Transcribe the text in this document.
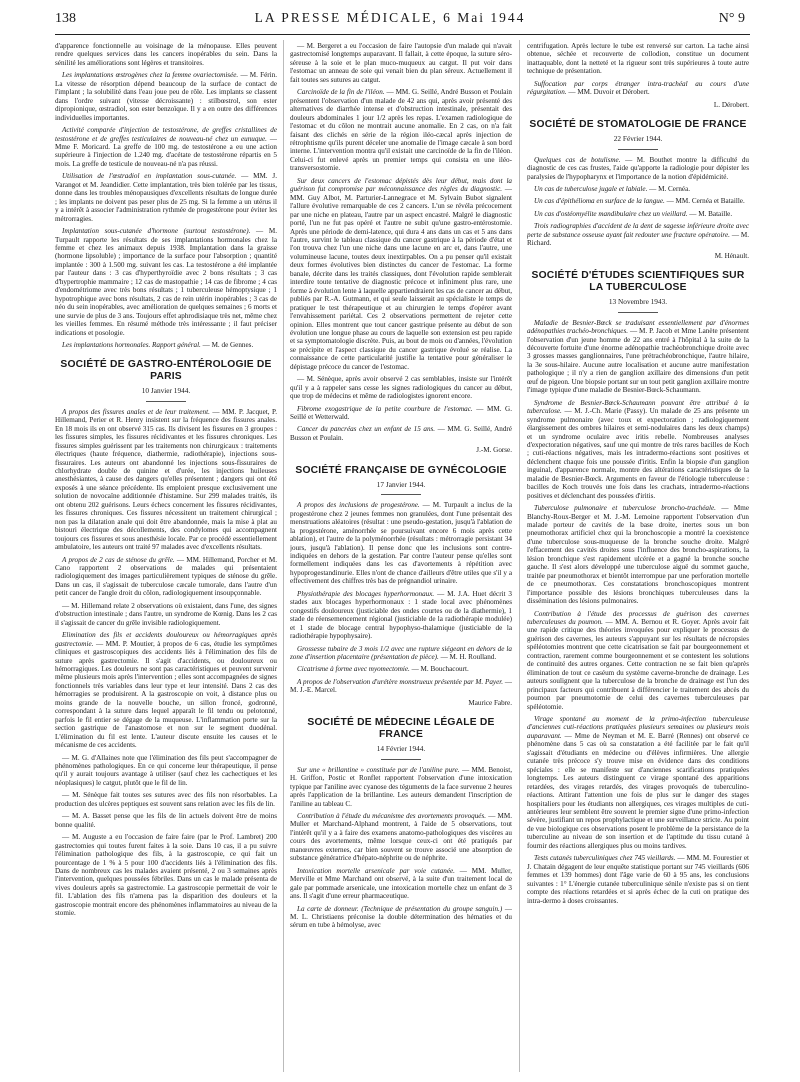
138	LA PRESSE MÉDICALE, 6 Mai 1944	N° 9

d'apparence fonctionnelle au voisinage de la ménopause. Elles peuvent rendre quelques services dans les cancers inopérables du sein. Dans la sénilité les améliorations sont légères et transitoires.

Les implantations œstrogènes chez la femme ovariectomisée. — M. Férin. La vitesse de résorption dépend beaucoup de la surface de contact de l'implant ; la solubilité dans l'eau joue peu de rôle. Les implants se classent dans l'ordre suivant (vitesse décroissante) : stilbœstrol, son ester dipropionique, œstradiol, son ester benzoïque. Il y a en outre des différences individuelles importantes.

Activité comparée d'injection de testostérone, de greffes cristallines de testostérone et de greffes testiculaires de nouveau-né chez un eunuque. — Mme F. Moricard. La greffe de 100 mg. de testostérone a eu une action supérieure à l'injection de 1.240 mg. d'acétate de testostérone répartis en 5 mois. La greffe de testicule de nouveau-né n'a pas réussi.

Utilisation de l'œstradiol en implantation sous-cutanée. — MM. J. Varangot et M. Jeandidier. Cette implantation, très bien tolérée par les tissus, donne dans les troubles ménopausiques d'excellents résultats de longue durée ; les implants ne doivent pas peser plus de 25 mg. Si la femme a un utérus il y a intérêt à associer l'administration rythmée de progestérone pour éviter les métrorragies.

Implantation sous-cutanée d'hormone (surtout testostérone). — M. Turpault rapporte les résultats de ses implantations hormonales chez la femme et chez les animaux depuis 1938. Implantation dans la graisse (hormone lipsoluble) ; importance de la surface pour l'absorption ; quantité implantée : 300 à 1.500 mg. suivant les cas. La testostérone a été implantée par l'auteur dans : 3 cas d'hyperthyroïdie avec 2 bons résultats ; 3 cas d'hypertrophie mammaire ; 12 cas de mastopathie ; 14 cas de fibrome ; 4 cas d'endométriome avec très bons résultats ; 1 tuberculeuse hémoptysique ; 1 hypotrophique avec bons résultats, 2 cas de rein utérin inopérables ; 3 cas de néo du sein inopérables, avec amélioration de quelques semaines ; 6 morts et une survie de plus de 3 ans. Toujours effet aphrodisiaque très net, même chez les vieilles femmes. En résumé méthode très intéressante ; il faut préciser indications et posologie.

Les implantations hormonales. Rapport général. — M. de Gennes.

SOCIÉTÉ DE GASTRO-ENTÉROLOGIE DE PARIS
10 Janvier 1944.

A propos des fissures anales et de leur traitement. — MM. P. Jacquet, P. Hillemand, Perier et R. Henry insistent sur la fréquence des fissures anales. En 18 mois ils en ont observé 315 cas. Ils divisent les fissures en 3 groupes : les fissures simples, les fissures récidivantes et les fissures chroniques. Les fissures simples guérissent par les traitements non chirurgicaux : traitements électriques (haute fréquence, diathermie, radiothérapie), injections sous-fissuraires. Les auteurs ont abandonné les injections sous-fissuraires de chlorhydrate double de quinine et d'urée, les injections huileuses anesthésiantes, à cause des dangers qu'elles présentent ; dangers qui ont été exposés à une séance précédente. Ils emploient presque exclusivement une solution de novocaïne additionnée d'histamine. Sur 299 malades traités, ils ont obtenu 202 guérisons. Leurs échecs concernent les fissures récidivantes, les fissures chroniques. Ces fissures nécessitent un traitement chirurgical ; non pas la dilatation anale qui doit être abandonnée, mais la mise à plat au bistouri électrique des décollements, des condylomes qui accompagnent toujours ces fissures et sous anesthésie locale. Par ce procédé essentiellement ambulatoire, les auteurs ont traité 97 malades avec d'excellents résultats.

A propos de 2 cas de sténose du grêle. — MM. Hillemand, Porcher et M. Cano rapportent 2 observations de malades qui présentaient radiologiquement des images particulièrement typiques de sténose du grêle. Dans un cas, il s'agissait de tuberculose cæcale tumorale, dans l'autre d'un petit cancer de l'angle droit du côlon, radiologiquement insoupçonnable.

— M. Hillemand relate 2 observations où existaient, dans l'une, des signes d'obstruction intestinale ; dans l'autre, un syndrome de Kœnig. Dans les 2 cas il s'agissait de cancer du grêle invisible radiologiquement.

Elimination des fils et accidents douloureux ou hémorragiques après gastrectomie. — MM. P. Moutier, à propos de 6 cas, étudie les symptômes cliniques et gastroscopiques des accidents liés à l'élimination des fils de suture après gastrectomie. Il s'agit d'accidents, ou douloureux ou hémorragiques. Les douleurs ne sont pas caractéristiques et peuvent survenir même plusieurs mois après l'intervention ; elles sont accompagnées de signes fonctionnels très variables dans leur type et leur intensité. Dans 2 cas des hémorragies se produisirent. A la gastroscopie on voit, à distance plus ou moins grande de la nouvelle bouche, un sillon froncé, godronné, correspondant à la suture dans lequel apparaît le fil tendu ou pelotonné, parfois le fil entier se dégage de la muqueuse. L'inflammation porte sur la section gastrique de l'anastomose et non sur le segment duodénal. L'élimination du fil est lente. L'auteur discute ensuite les causes et le mécanisme de ces accidents.

— M. G. d'Allaines note que l'élimination des fils peut s'accompagner de phénomènes pathologiques. En ce qui concerne leur thérapeutique, il pense qu'il y aurait toujours avantage à utiliser (sauf chez les cachectiques et les néoplasiques) le catgut, plutôt que le fil de lin.

— M. Sénèque fait toutes ses sutures avec des fils non résorbables. La production des ulcères peptiques est souvent sans relation avec les fils de lin.

— M. A. Basset pense que les fils de lin actuels doivent être de moins bonne qualité.

— M. Auguste a eu l'occasion de faire faire (par le Prof. Lambret) 200 gastrectomies qui toutes furent faites à la soie. Dans 10 cas, il a pu suivre l'élimination pathologique des fils, à la gastroscopie, ce qui fait un pourcentage de 1 % à 5 pour 100 d'accidents liés à l'élimination des fils. Dans de nombreux cas les malades avaient présenté, 2 ou 3 semaines après l'intervention, quelques poussées fébriles. Dans un cas le malade présenta de vives douleurs après sa gastrectomie. La gastroscopie permettait de voir le fil. L'ablation des fils n'amena pas la disparition des douleurs et la gastroscopie montrait encore des phénomènes inflammatoires au niveau de la stomie.

— M. Bergeret a eu l'occasion de faire l'autopsie d'un malade qui n'avait gastrectomisé longtemps auparavant. Il fallait, à cette époque, la suture séro-séreuse à la soie et le plan muco-muqueux au catgut. Il put voir dans l'estomac un anneau de soie qui venait bien du plan séreux. Actuellement il fait toutes ses sutures au catgut.

Carcinoïde de la fin de l'iléon. — MM. G. Seillé, André Busson et Poulain présentent l'observation d'un malade de 42 ans qui, après avoir présenté des alternatives de diarrhée intense et d'obstruction intestinale, présentait des douleurs abdominales 1 jour 1/2 après les repas. L'examen radiologique de l'estomac et du côlon ne montrait aucune anomalie. En 2 cas, on n'a fait faisant des clichés en série de la région iléo-cæcal après injection de rétrophtisme qu'ils purent déceler une anomalie de l'image cæcale à son bord interne. L'intervention montra qu'il existait une carcinoïde de la fin de l'iléon. Celui-ci fut enlevé après un premier temps qui consista en une iléo-transversostomie.

Sur deux cancers de l'estomac dépistés dès leur début, mais dont la guérison fut compromise par méconnaissance des règles du diagnostic. — MM. Guy Albot, M. Parturier-Lannegrace et M. Sylvain Bubot signalent l'allure évolutive remarquable de ces 2 cancers. L'un se révéla précocement par une niche en plateau, l'autre par un aspect encastré. Malgré le diagnostic porté, l'un ne fut pas opéré et l'autre ne subit qu'une gastro-entérostomie. Après une période de demi-latence, qui dura 4 ans dans un cas et 5 ans dans l'autre, survint le tableau classique du cancer gastrique à la période d'état et l'on trouva chez l'un une niche dans une lacune en arc et, dans l'autre, une volumineuse lacune, toutes deux inextirpables. On a pu penser qu'il existait deux formes évolutives bien distinctes du cancer de l'estomac. La forme banale, décrite dans les traités classiques, dont l'évolution rapide semblerait interdire toute tentative de diagnostic précoce et infiniment plus rare, une forme à évolution lente à laquelle appartiendraient les cas de cancer au début, publiés par R.-A. Gutmann, et qui seule laisserait au spécialiste le temps de pratiquer le test thérapeutique et au chirurgien le temps d'opérer avant l'envahissement pariétal. Ces 2 observations permettent de rejeter cette opinion. Elles montrent que tout cancer gastrique présente au début de son évolution une longue phase au cours de laquelle son extension est peu rapide et sa symptomatologie discrète. Puis, au bout de mois ou d'années, l'évolution se précipite et l'aspect classique du cancer gastrique évolué se réalise. La connaissance de cette particularité justifie la tentative pour généraliser le dépistage précoce du cancer de l'estomac.

— M. Sénèque, après avoir observé 2 cas semblables, insiste sur l'intérêt qu'il y a à rappeler sans cesse les signes radiologiques du cancer au début, que trop de médecins et même de radiologistes ignorent encore.

Fibrome exogastrique de la petite courbure de l'estomac. — MM. G. Seillé et Wetterwald.

Cancer du pancréas chez un enfant de 15 ans. — MM. G. Seillé, André Busson et Poulain.

J.-M. Gorse.

SOCIÉTÉ FRANÇAISE DE GYNÉCOLOGIE
17 Janvier 1944.

A propos des inclusions de progestérone. — M. Turpault a inclus de la progestérone chez 2 jeunes femmes non granulées, dont l'une présentait des menstruations aléatoires (résultat : une pseudo-gestation, jusqu'à l'ablation de la progestérone, aménorrhée se poursuivant encore 6 mois après cette ablation), et l'autre de la polyménorrhée (résultats : métrorragie persistant 34 jours, jusqu'à l'ablation). Il pense donc que les inclusions sont contre-indiquées en dehors de la gestation. Par contre l'auteur pense qu'elles sont formellement indiquées dans les cas d'avortements à répétition avec hypoprogestandinurie. Elles n'ont de chance d'ailleurs d'être utiles que s'il y a effectivement des chiffres très bas de prégnandiol urinaire.

Physiothérapie des blocages hyperhormonaux. — M. J.A. Huet décrit 3 stades aux blocages hyperhormonaux : 1 stade local avec phénomènes congestifs douloureux (justiciable des ondes courtes ou de la diathermie), 1 stade de réensemencement régional (justiciable de la radiothérapie modulée) et 1 stade de blocage central hypophyso-thalamique (justiciable de la radiothérapie hypophysaire).

Grossesse tubaire de 3 mois 1/2 avec une rupture siégeant en dehors de la zone d'insertion placentaire (présentation de pièce). — M. H. Roulland.

Cicatrisme à forme avec myomectomie. — M. Bouchacourt.

A propos de l'observation d'urétère monstrueux présentée par M. Payer. — M. J.-E. Marcel.

Maurice Fabre.

SOCIÉTÉ DE MÉDECINE LÉGALE DE FRANCE
14 Février 1944.

Sur une « brillantine » constituée par de l'aniline pure. — MM. Benoist, H. Griffon, Postic et Ronflet rapportent l'observation d'une intoxication typique par l'aniline avec cyanose des téguments de la face survenue 2 heures après l'application de la brillantine. Les auteurs demandent l'inscription de l'aniline au tableau C.

Contribution à l'étude du mécanisme des avortements provoqués. — MM. Muller et Marchand-Alphand montrent, à l'aide de 5 observations, tout l'intérêt qu'il y a à faire des examens anatomo-pathologiques des viscères au cours des avortements, même lorsque ceux-ci ont été pratiqués par manœuvres externes, car bien souvent se trouve associé une absorption de substance génératrice d'hépato-néphrite ou de néphrite.

Intoxication mortelle arsenicale par voie cutanée. — MM. Muller, Merville et Mme Marchand ont observé, à la suite d'un traitement local de gale par pommade arsenicale, une intoxication mortelle chez un enfant de 3 ans. Il s'agit d'une erreur pharmaceutique.

La carte de donneur. (Technique de présentation du groupe sanguin.) — M. L. Christiaens préconise la double détermination des hématies et du sérum en tube à hémolyse, avec

centrifugation. Après lecture le tube est renversé sur carton. La tache ainsi obtenue, séchée et recouverte de collodion, constitue un document inattaquable, dont la netteté et la rigueur sont très supérieures à toute autre technique de présentation.

Suffocation par corps étranger intra-trachéal au cours d'une régurgitation. — MM. Duvoir et Dérobert.

L. Dérobert.

SOCIÉTÉ DE STOMATOLOGIE DE FRANCE
22 Février 1944.

Quelques cas de botulisme. — M. Bouthet montre la difficulté du diagnostic de ces cas frustes, l'aide qu'apporte la radiologie pour dépister les paralysies de l'hypopharynx et l'importance de la notion d'épidémicité.

Un cas de tuberculose jugale et labiale. — M. Cernéa.

Un cas d'épithélioma en surface de la langue. — MM. Cernéa et Bataille.

Un cas d'ostéomyélite mandibulaire chez un vieillard. — M. Bataille.

Trois radiographies d'accident de la dent de sagesse inférieure droite avec perte de substance osseuse ayant fait redouter une fracture opératoire. — M. Richard.

M. Hénault.

SOCIÉTÉ D'ÉTUDES SCIENTIFIQUES SUR LA TUBERCULOSE
13 Novembre 1943.

Maladie de Besnier-Bœck se traduisant essentiellement par d'énormes adénopathies trachéo-bronchiques. — M. P. Jacob et Mme Lanète présentent l'observation d'un jeune homme de 22 ans entré à l'hôpital à la suite de la découverte fortuite d'une énorme adénopathie trachéobronchique droite avec 3 grosses masses ganglionnaires, l'une prétrachéobronchique, l'autre hilaire, la 3e sous-hilaire. Aucune autre localisation et aucune autre manifestation pathologique ; il n'y a rien de ganglion axillaire des dimensions d'un petit œuf de pigeon. Une biopsie portant sur un tout petit ganglion axillaire montre l'image typique d'une maladie de Besnier-Bœck-Schaumann.

Syndrome de Besnier-Bœck-Schaumann pouvant être attribué à la tuberculose. — M. J.-Ch. Marie (Passy). Un malade de 25 ans présente un syndrome pulmonaire (avec toux et expectoration ; radiologiquement élargissement des ombres hilaires et semi-nodulaires dans les deux champs) et un syndrome oculaire avec iritis rebelle. Nombreuses analyses d'expectoration négatives, sauf une qui montre de très rares bacilles de Koch ; cuti-réactions négatives, mais les intradermo-réactions sont positives et déclenchent chaque fois une poussée d'iritis. Enfin la biopsie d'un ganglion inguinal, d'apparence normale, montre des altérations caractéristiques de la maladie de Besnier-Bœck. Arguments en faveur de l'étiologie tuberculeuse : bacilles de Koch trouvés une fois dans les crachats, intradermo-réactions positives et déclenchant des poussées d'iritis.

Tuberculose pulmonaire et tuberculose broncho-trachéale. — Mme Blanchy-Roux-Berger et M. J.-M. Lemoine rapportent l'observation d'un malade porteur de cavités de la base droite, inertes sous un bon pneumothorax artificiel chez qui la bronchoscopie a montré la coexistence d'une tuberculose sous-muqueuse de la bronche souche droite. Malgré l'effacement des cavités droites sous l'influence des broncho-aspirations, la lésion bronchique s'est rapidement ulcérée et a gagné la bronche souche gauche. Il s'est alors développé une tuberculose aiguë du sommet gauche, traitée par pneumothorax et bientôt interrompue par une perforation mortelle de ce pneumothorax. Ces constatations bronchoscopiques montrent l'importance possible des lésions bronchiques tuberculeuses dans la dissémination des lésions pulmonaires.

Contribution à l'étude des processus de guérison des cavernes tuberculeuses du poumon. — MM. A. Bernou et R. Goyer. Après avoir fait une rapide critique des théories invoquées pour expliquer le processus de guérison des cavernes, les auteurs s'appuyant sur les résultats de nécropsies spéléotomies montrent que cette cicatrisation se fait par bourgeonnement et contraction, rarement comme bourgeonnement et se contestent les solutions de continuité des autres organes. Cette contraction ne se fait bien qu'après élimination de tout ce caséum du système caverne-bronche de drainage. Les auteurs soulignent que la tuberculose de la bronche de drainage est l'un des principaux facteurs qui contribuent à différencier le traitement des abcès du poumon par pneumotomie de celui des cavernes tuberculeuses par spéléotomie.

Virage spontané au moment de la primo-infection tuberculeuse d'anciennes cuti-réactions pratiquées plusieurs semaines ou plusieurs mois auparavant. — Mme de Neyman et M. E. Barré (Rennes) ont observé ce phénomène dans 5 cas où sa constatation a été facilitée par le fait qu'il s'agissait d'étudiants en médecine ou d'élèves infirmières. Une allergie cutanée très précoce s'y trouve mise en évidence dans des conditions spéciales : elle se manifeste sur d'anciennes scarifications pratiquées longtemps. Les auteurs distinguent ce virage spontané des apparitions retardées, des virages retardés, des virages provoqués de tuberculino-réactions. Attirant l'attention une fois de plus sur le danger des stages hospitaliers pour les étudiants non allergiques, ces virages multiples de cuti-antérieures leur semblent être souvent le premier signe d'une primo-infection sévère, justifiant un repos prophylactique et une surveillance stricte. Au point de vue biologique ces observations posent le problème de la persistance de la tuberculine au niveau de son insertion et de l'aptitude du tissu cutané à fournir des réactions allergiques plus ou moins tardives.

Tests cutanés tuberculiniques chez 745 vieillards. — MM. M. Fourestier et J. Chatain dégagent de leur enquête statistique portant sur 745 vieillards (606 femmes et 139 hommes) dont l'âge varie de 60 à 95 ans, les conclusions suivantes : 1° L'énergie cutanée tuberculinique sénile n'existe pas si on tient compte des réactions retardées et si après échec de la cuti on pratique des intra-dermo à doses croissantes.
